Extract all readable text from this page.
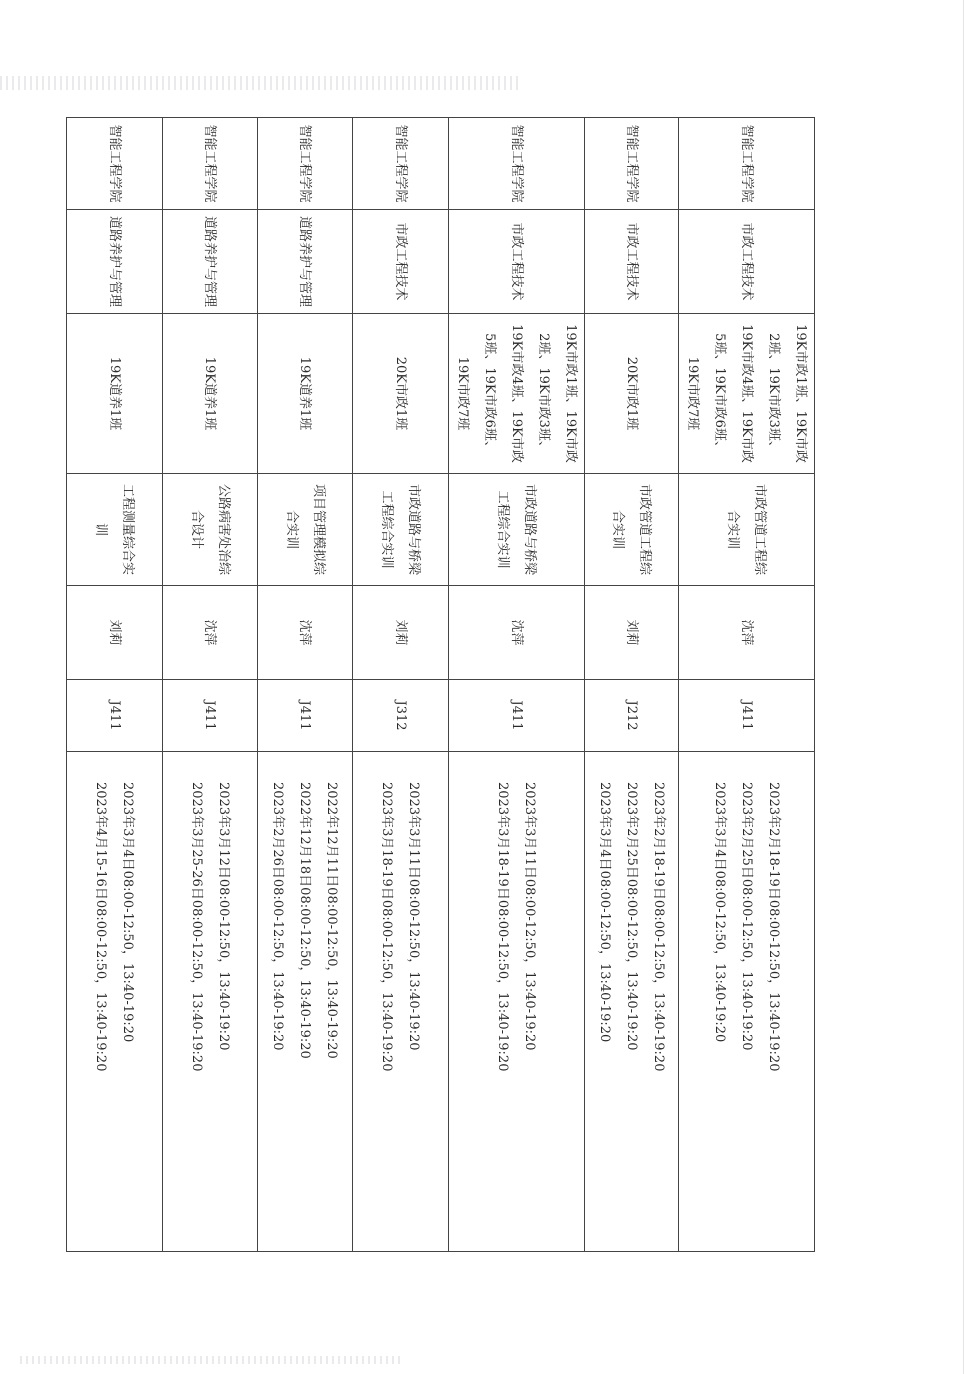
智能工程学院	市政工程技术	19K市政1班、19K市政2班、19K市政3班、19K市政4班、19K市政5班、19K市政6班、19K市政7班	市政管道工程综合实训	沈萍	J411	2023年2月18-19日08:00-12:50，13:40-19:20
2023年2月25日08:00-12:50，13:40-19:20
2023年3月4日08:00-12:50，13:40-19:20

智能工程学院	市政工程技术	20K市政1班	市政管道工程综合实训	刘莉	J212	2023年2月18-19日08:00-12:50，13:40-19:20
2023年2月25日08:00-12:50，13:40-19:20
2023年3月4日08:00-12:50，13:40-19:20

智能工程学院	市政工程技术	19K市政1班、19K市政2班、19K市政3班、19K市政4班、19K市政5班、19K市政6班、19K市政7班	市政道路与桥梁工程综合实训	沈萍	J411	2023年3月11日08:00-12:50，13:40-19:20
2023年3月18-19日08:00-12:50，13:40-19:20

智能工程学院	市政工程技术	20K市政1班	市政道路与桥梁工程综合实训	刘莉	J312	2023年3月11日08:00-12:50，13:40-19:20
2023年3月18-19日08:00-12:50，13:40-19:20

智能工程学院	道路养护与管理	19K道养1班	项目管理模拟综合实训	沈萍	J411	2022年12月11日08:00-12:50，13:40-19:20
2022年12月18日08:00-12:50，13:40-19:20
2023年2月26日08:00-12:50，13:40-19:20

智能工程学院	道路养护与管理	19K道养1班	公路病害处治综合设计	沈萍	J411	2023年3月12日08:00-12:50，13:40-19:20
2023年3月25-26日08:00-12:50，13:40-19:20

智能工程学院	道路养护与管理	19K道养1班	工程测量综合实训	刘莉	J411	2023年3月4日08:00-12:50，13:40-19:20
2023年4月15-16日08:00-12:50，13:40-19:20
